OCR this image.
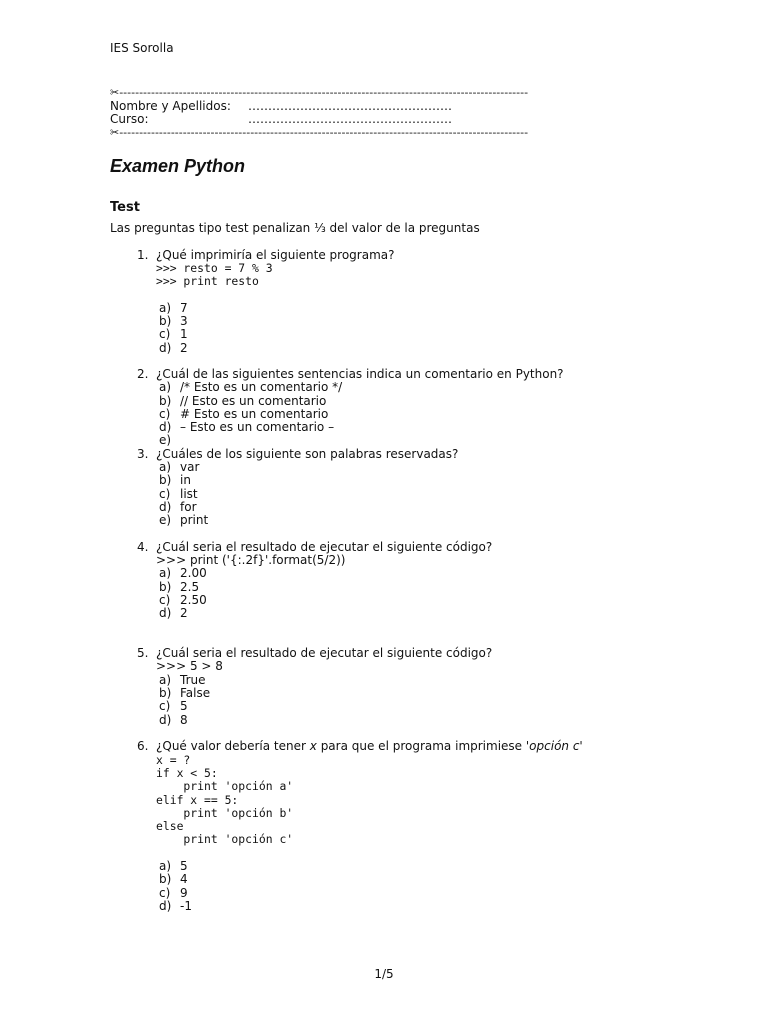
IES Sorolla
✂-------------------------------------------------------------------------------------------------------
Nombre y Apellidos: ……………………………………………
Curso:	……………………………………………
✂-------------------------------------------------------------------------------------------------------
Examen Python
Test
Las preguntas tipo test penalizan ⅓ del valor de la preguntas
1. ¿Qué imprimiría el siguiente programa?
>>> resto = 7 % 3
>>> print resto
a) 7
b) 3
c) 1
d) 2
2. ¿Cuál de las siguientes sentencias indica un comentario en Python?
a) /* Esto es un comentario */
b) // Esto es un comentario
c) # Esto es un comentario
d) – Esto es un comentario –
e)
3. ¿Cuáles de los siguiente son palabras reservadas?
a) var
b) in
c) list
d) for
e) print
4. ¿Cuál seria el resultado de ejecutar el siguiente código?
>>> print ('{:.2f}'.format(5/2))
a) 2.00
b) 2.5
c) 2.50
d) 2
5. ¿Cuál seria el resultado de ejecutar el siguiente código?
>>> 5 > 8
a) True
b) False
c) 5
d) 8
6. ¿Qué valor debería tener x para que el programa imprimiese 'opción c'
x = ?
if x < 5:
print 'opción a'
elif x == 5:
print 'opción b'
else
print 'opción c'
a) 5
b) 4
c) 9
d) -1
1/5
